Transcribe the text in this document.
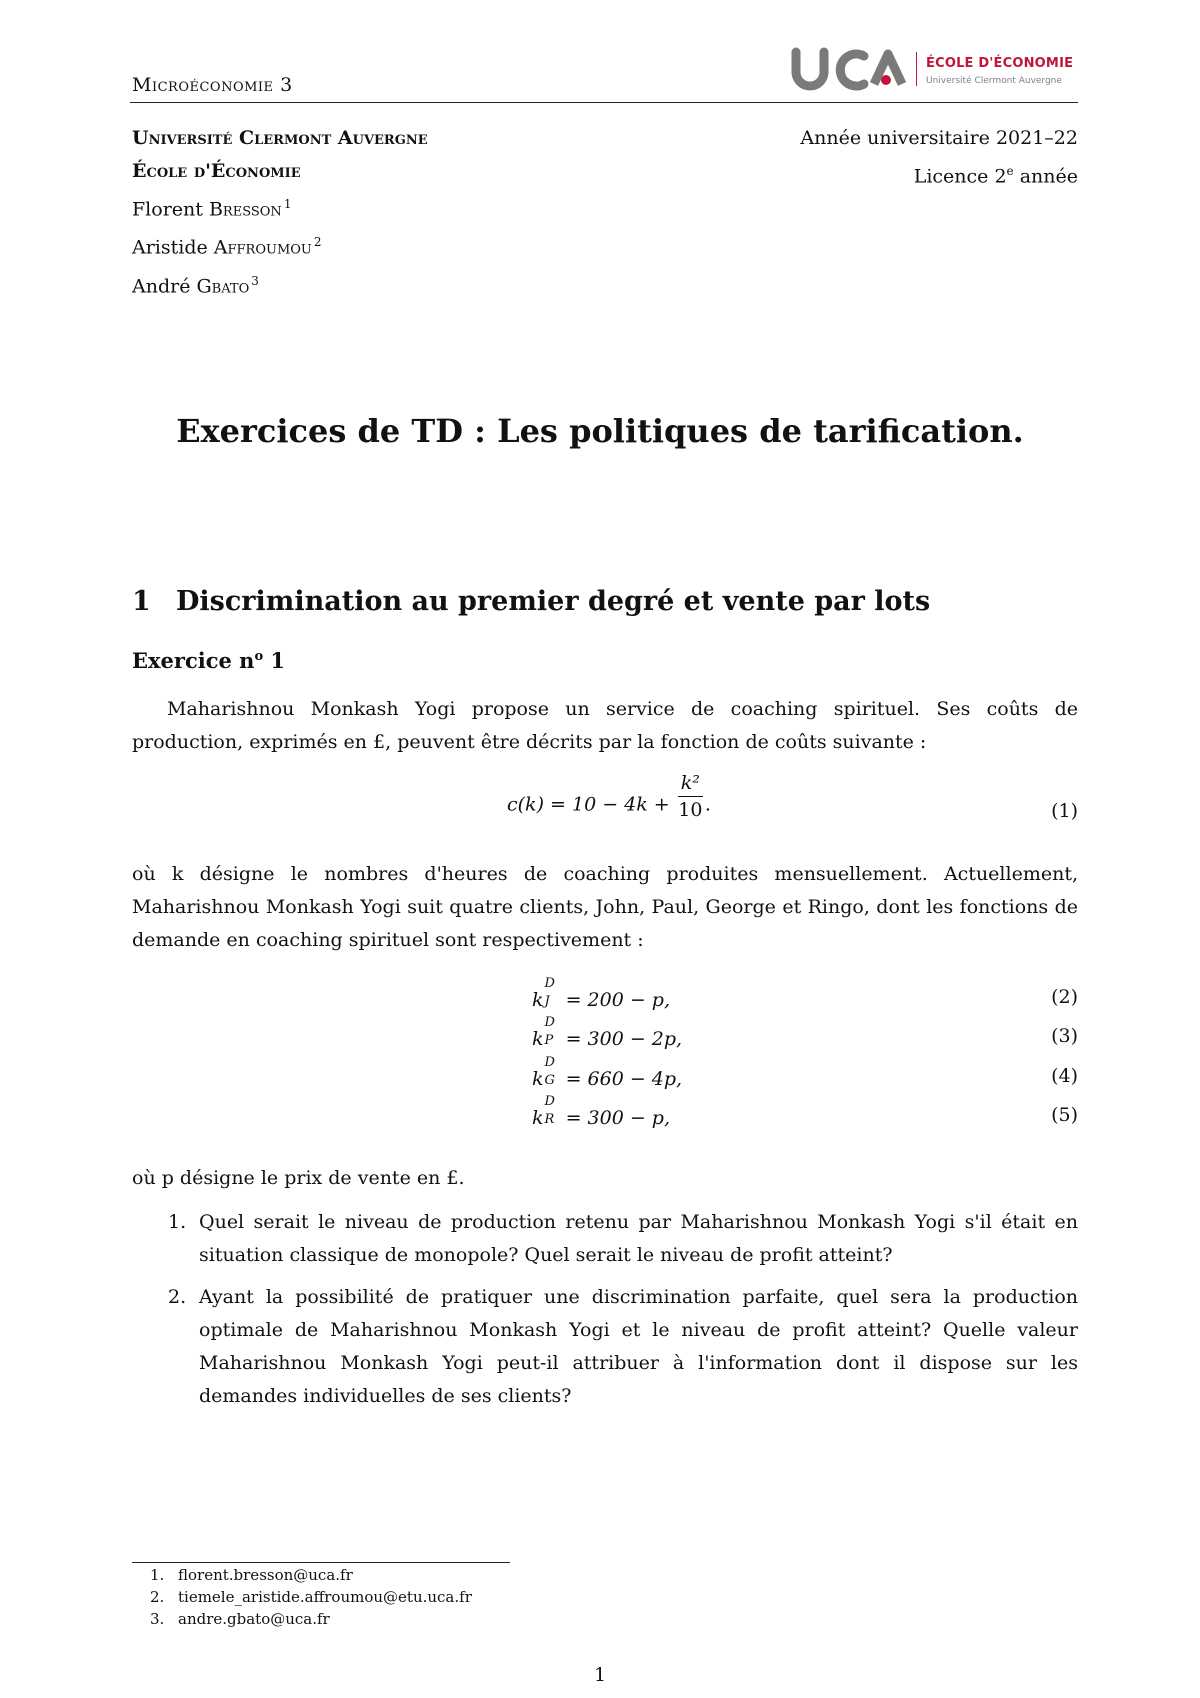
Microéconomie 3
ÉCOLE D'ÉCONOMIE
Université Clermont Auvergne
Université Clermont Auvergne
École d'Économie
Florent Bresson $^1$
Aristide Affroumou $^2$
André Gbato $^3$
Année universitaire 2021–22
Licence 2e année
Exercices de TD : Les politiques de tarification.
1 Discrimination au premier degré et vente par lots
Exercice $n^o$ 1
Maharishnou Monkash Yogi propose un service de coaching spirituel. Ses coûts de production, exprimés en £, peuvent être décrits par la fonction de coûts suivante :
$c(k) = 10 - 4k + \frac{\text{k²}}{10}$ .	(1)
où k désigne le nombres d'heures de coaching produites mensuellement. Actuellement, Maharishnou Monkash Yogi suit quatre clients, John, Paul, George et Ringo, dont les fonctions de demande en coaching spirituel sont respectivement :
k
D
J = 200 − p,	(2)
k
D
P = 300 − 2p,	(3)
k
D
G = 660 − 4p,	(4)
k
D
R = 300 − p,	(5)
où p désigne le prix de vente en £.
1. Quel serait le niveau de production retenu par Maharishnou Monkash Yogi s'il était en situation classique de monopole? Quel serait le niveau de profit atteint?
2. Ayant la possibilité de pratiquer une discrimination parfaite, quel sera la production optimale de Maharishnou Monkash Yogi et le niveau de profit atteint? Quelle valeur Maharishnou Monkash Yogi peut-il attribuer à l'information dont il dispose sur les demandes individuelles de ses clients?
1. florent.bresson@uca.fr
2. tiemele_aristide.affroumou@etu.uca.fr
3. andre.gbato@uca.fr
1
